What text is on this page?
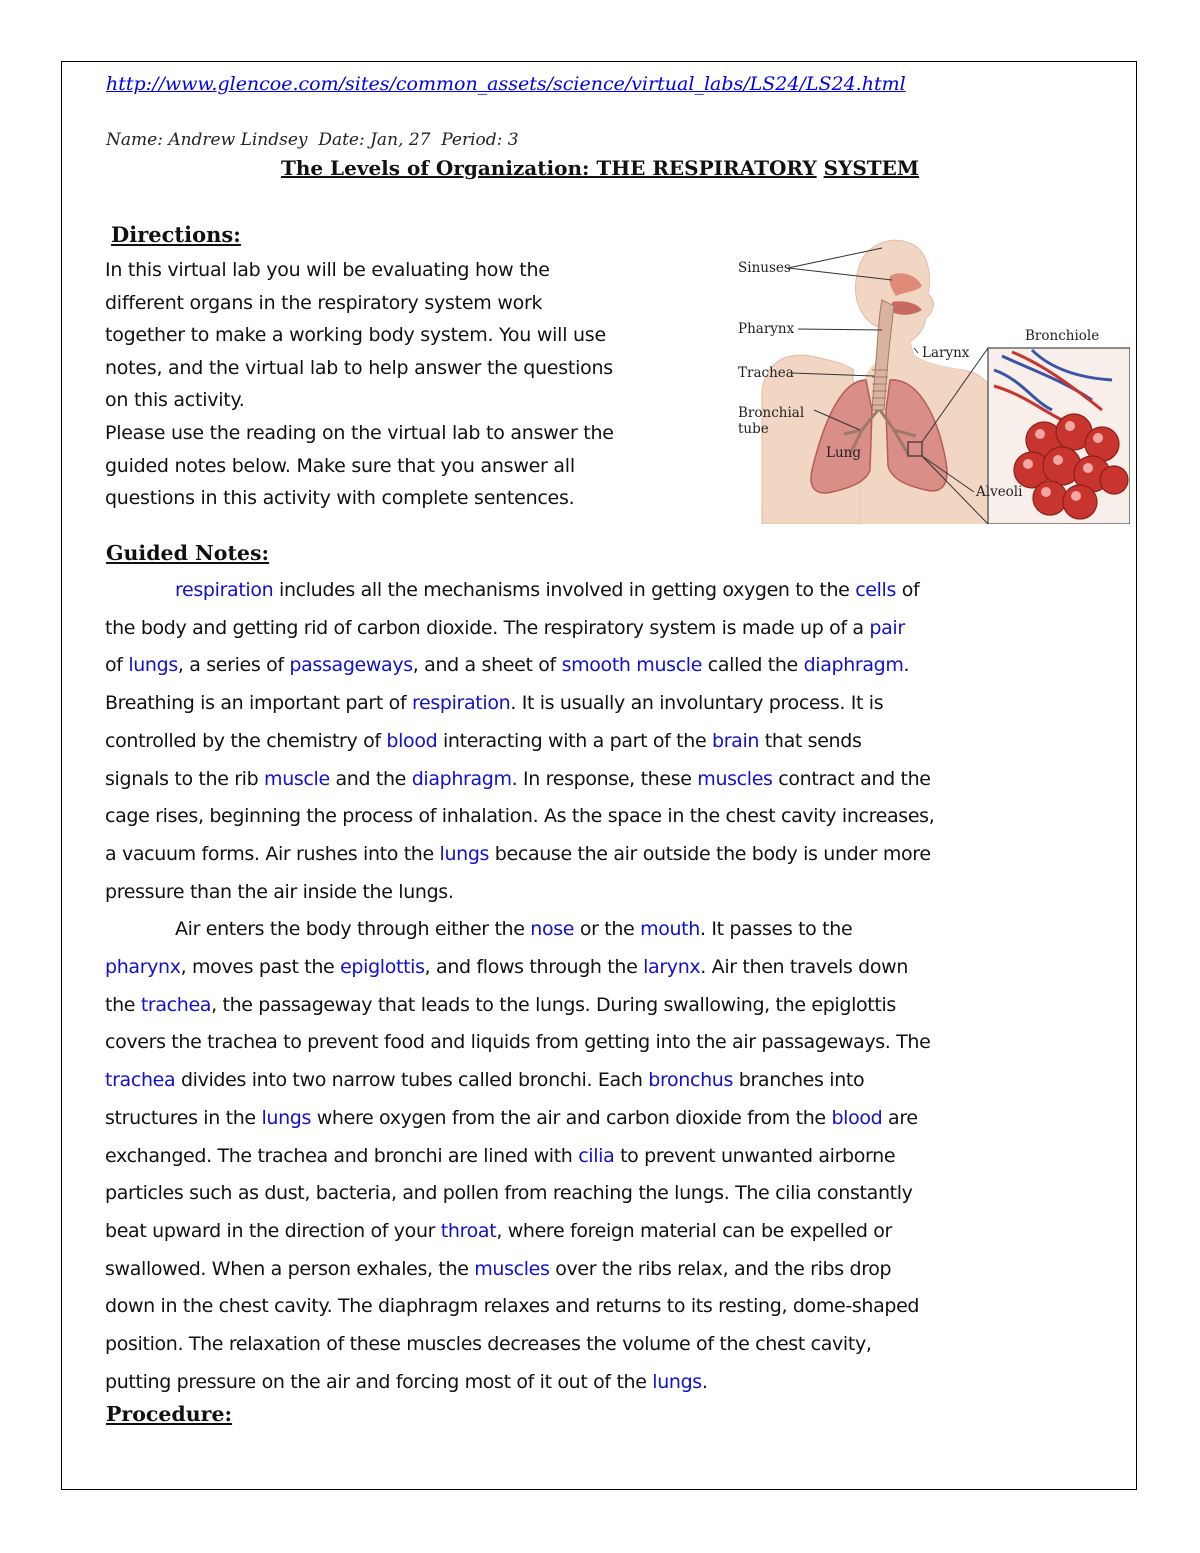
http://www.glencoe.com/sites/common_assets/science/virtual_labs/LS24/LS24.html
Name: Andrew Lindsey  Date: Jan, 27  Period: 3
The Levels of Organization: THE RESPIRATORY SYSTEM
Directions:
In this virtual lab you will be evaluating how the
different organs in the respiratory system work
together to make a working body system. You will use
notes, and the virtual lab to help answer the questions
on this activity.
Please use the reading on the virtual lab to answer the
guided notes below. Make sure that you answer all
questions in this activity with complete sentences.
Lung
Sinuses
Pharynx
Trachea
Bronchial
tube
Larynx
Bronchiole
Alveoli
Guided Notes:
respiration includes all the mechanisms involved in getting oxygen to the cells of
the body and getting rid of carbon dioxide. The respiratory system is made up of a pair
of lungs, a series of passageways, and a sheet of smooth muscle called the diaphragm.
Breathing is an important part of respiration. It is usually an involuntary process. It is
controlled by the chemistry of blood interacting with a part of the brain that sends
signals to the rib muscle and the diaphragm. In response, these muscles contract and the
cage rises, beginning the process of inhalation. As the space in the chest cavity increases,
a vacuum forms. Air rushes into the lungs because the air outside the body is under more
pressure than the air inside the lungs.
Air enters the body through either the nose or the mouth. It passes to the
pharynx, moves past the epiglottis, and flows through the larynx. Air then travels down
the trachea, the passageway that leads to the lungs. During swallowing, the epiglottis
covers the trachea to prevent food and liquids from getting into the air passageways. The
trachea divides into two narrow tubes called bronchi. Each bronchus branches into
structures in the lungs where oxygen from the air and carbon dioxide from the blood are
exchanged. The trachea and bronchi are lined with cilia to prevent unwanted airborne
particles such as dust, bacteria, and pollen from reaching the lungs. The cilia constantly
beat upward in the direction of your throat, where foreign material can be expelled or
swallowed. When a person exhales, the muscles over the ribs relax, and the ribs drop
down in the chest cavity. The diaphragm relaxes and returns to its resting, dome-shaped
position. The relaxation of these muscles decreases the volume of the chest cavity,
putting pressure on the air and forcing most of it out of the lungs.
Procedure:
